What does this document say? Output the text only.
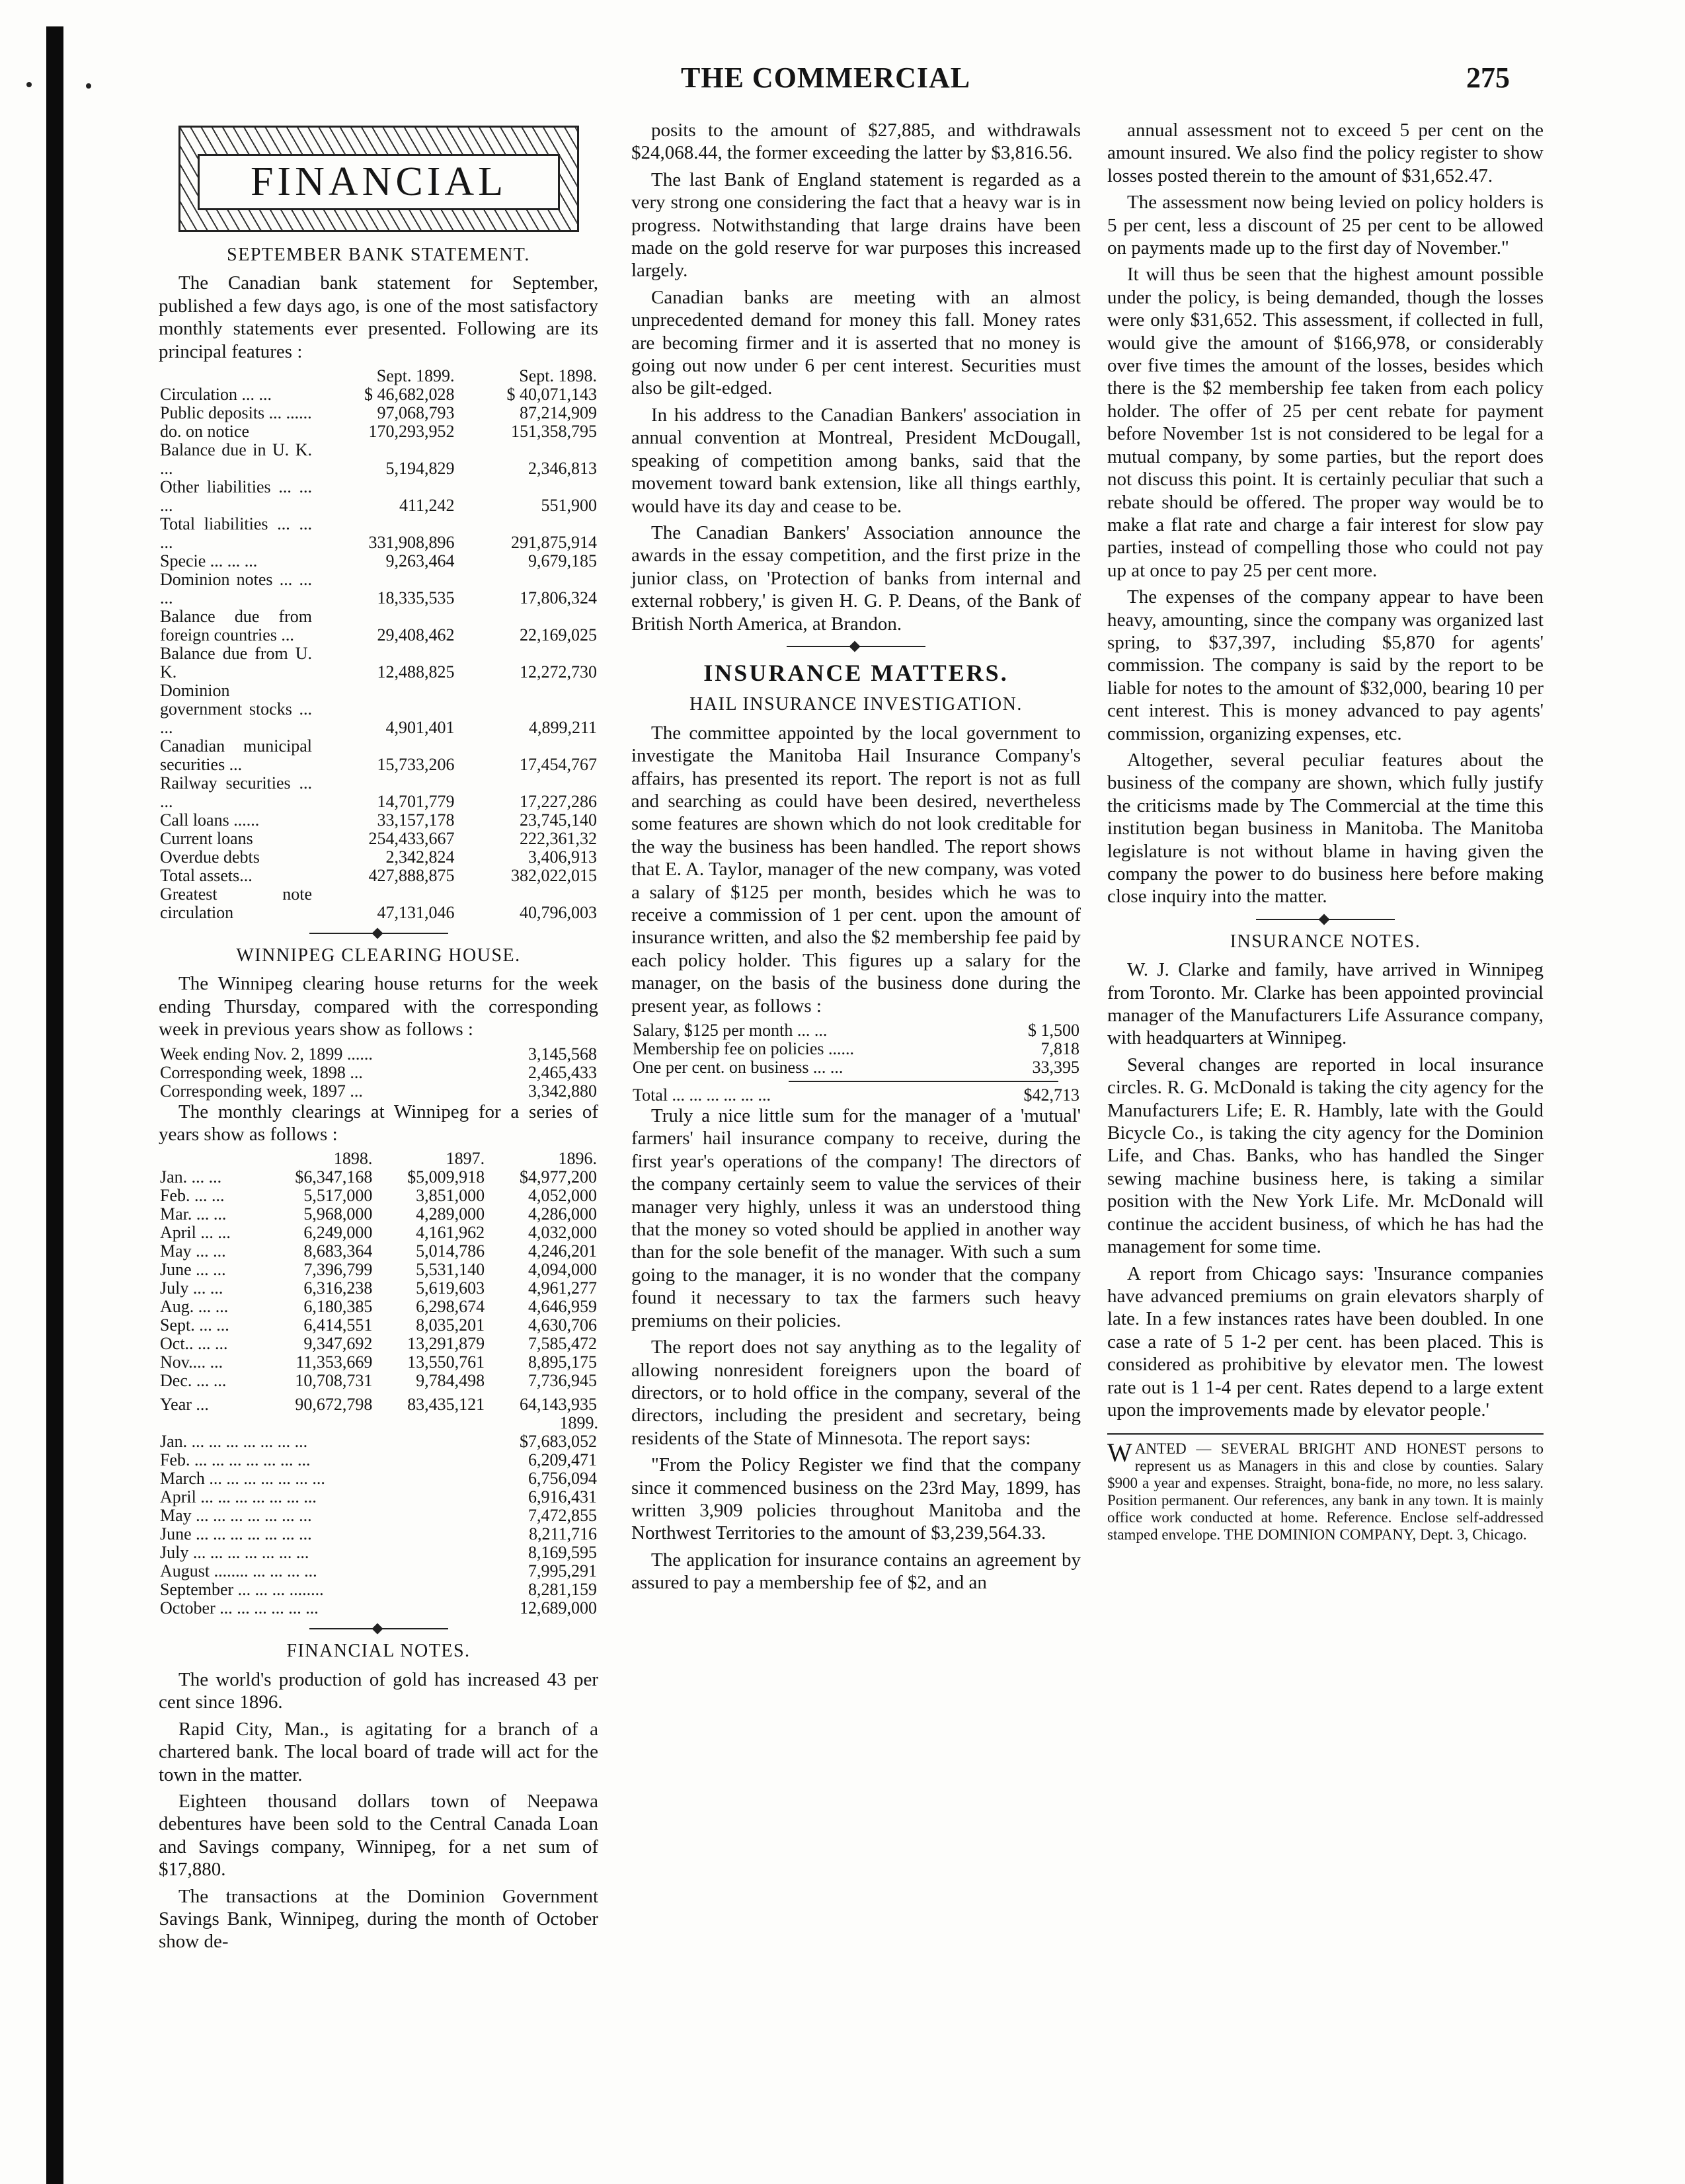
THE COMMERCIAL	275
FINANCIAL
SEPTEMBER BANK STATEMENT.

The Canadian bank statement for September, published a few days ago, is one of the most satisfactory monthly statements ever presented. Following are its principal features :

	Sept. 1899.	Sept. 1898.
Circulation ... ...	$ 46,682,028	$ 40,071,143
Public deposits ... ......	97,068,793	87,214,909
do. on notice	170,293,952	151,358,795
Balance due in U. K. ...	5,194,829	2,346,813
Other liabilities ... ... ...	411,242	551,900
Total liabilities ... ... ...	331,908,896	291,875,914
Specie ... ... ...	9,263,464	9,679,185
Dominion notes ... ... ...	18,335,535	17,806,324
Balance due from foreign countries ...	29,408,462	22,169,025
Balance due from U. K.	12,488,825	12,272,730
Dominion government stocks ... ...	4,901,401	4,899,211
Canadian municipal securities ...	15,733,206	17,454,767
Railway securities ... ...	14,701,779	17,227,286
Call loans ......	33,157,178	23,745,140
Current loans	254,433,667	222,361,32
Overdue debts	2,342,824	3,406,913
Total assets...	427,888,875	382,022,015
Greatest note circulation	47,131,046	40,796,003
WINNIPEG CLEARING HOUSE.

The Winnipeg clearing house returns for the week ending Thursday, compared with the corresponding week in previous years show as follows :

Week ending Nov. 2, 1899 ......	3,145,568
Corresponding week, 1898 ...	2,465,433
Corresponding week, 1897 ...	3,342,880

The monthly clearings at Winnipeg for a series of years show as follows :

	1898.	1897.	1896.
Jan. ... ...	$6,347,168	$5,009,918	$4,977,200
Feb. ... ...	5,517,000	3,851,000	4,052,000
Mar. ... ...	5,968,000	4,289,000	4,286,000
April ... ...	6,249,000	4,161,962	4,032,000
May ... ...	8,683,364	5,014,786	4,246,201
June ... ...	7,396,799	5,531,140	4,094,000
July ... ...	6,316,238	5,619,603	4,961,277
Aug. ... ...	6,180,385	6,298,674	4,646,959
Sept. ... ...	6,414,551	8,035,201	4,630,706
Oct.. ... ...	9,347,692	13,291,879	7,585,472
Nov.... ...	11,353,669	13,550,761	8,895,175
Dec. ... ...	10,708,731	9,784,498	7,736,945
Year ...	90,672,798	83,435,121	64,143,935
1899.
Jan. ... ... ... ... ... ... ...	$7,683,052
Feb. ... ... ... ... ... ... ...	6,209,471
March ... ... ... ... ... ... ...	6,756,094
April ... ... ... ... ... ... ...	6,916,431
May ... ... ... ... ... ... ...	7,472,855
June ... ... ... ... ... ... ...	8,211,716
July ... ... ... ... ... ... ...	8,169,595
August ........ ... ... ... ...	7,995,291
September ... ... ... ........	8,281,159
October ... ... ... ... ... ...	12,689,000
FINANCIAL NOTES.

The world's production of gold has increased 43 per cent since 1896.

Rapid City, Man., is agitating for a branch of a chartered bank. The local board of trade will act for the town in the matter.

Eighteen thousand dollars town of Neepawa debentures have been sold to the Central Canada Loan and Savings company, Winnipeg, for a net sum of $17,880.

The transactions at the Dominion Government Savings Bank, Winnipeg, during the month of October show de-

posits to the amount of $27,885, and withdrawals $24,068.44, the former exceeding the latter by $3,816.56.

The last Bank of England statement is regarded as a very strong one considering the fact that a heavy war is in progress. Notwithstanding that large drains have been made on the gold reserve for war purposes this increased largely.

Canadian banks are meeting with an almost unprecedented demand for money this fall. Money rates are becoming firmer and it is asserted that no money is going out now under 6 per cent interest. Securities must also be gilt-edged.

In his address to the Canadian Bankers' association in annual convention at Montreal, President McDougall, speaking of competition among banks, said that the movement toward bank extension, like all things earthly, would have its day and cease to be.

The Canadian Bankers' Association announce the awards in the essay competition, and the first prize in the junior class, on 'Protection of banks from internal and external robbery,' is given H. G. P. Deans, of the Bank of British North America, at Brandon.

INSURANCE MATTERS.
HAIL INSURANCE INVESTIGATION.

The committee appointed by the local government to investigate the Manitoba Hail Insurance Company's affairs, has presented its report. The report is not as full and searching as could have been desired, nevertheless some features are shown which do not look creditable for the way the business has been handled. The report shows that E. A. Taylor, manager of the new company, was voted a salary of $125 per month, besides which he was to receive a commission of 1 per cent. upon the amount of insurance written, and also the $2 membership fee paid by each policy holder. This figures up a salary for the manager, on the basis of the business done during the present year, as follows :

Salary, $125 per month ... ...	$ 1,500
Membership fee on policies ......	7,818
One per cent. on business ... ...	33,395
Total ... ... ... ... ... ...	$42,713

Truly a nice little sum for the manager of a 'mutual' farmers' hail insurance company to receive, during the first year's operations of the company! The directors of the company certainly seem to value the services of their manager very highly, unless it was an understood thing that the money so voted should be applied in another way than for the sole benefit of the manager. With such a sum going to the manager, it is no wonder that the company found it necessary to tax the farmers such heavy premiums on their policies.

The report does not say anything as to the legality of allowing nonresident foreigners upon the board of directors, or to hold office in the company, several of the directors, including the president and secretary, being residents of the State of Minnesota. The report says:

"From the Policy Register we find that the company since it commenced business on the 23rd May, 1899, has written 3,909 policies throughout Manitoba and the Northwest Territories to the amount of $3,239,564.33.

The application for insurance contains an agreement by assured to pay a membership fee of $2, and an

annual assessment not to exceed 5 per cent on the amount insured. We also find the policy register to show losses posted therein to the amount of $31,652.47.

The assessment now being levied on policy holders is 5 per cent, less a discount of 25 per cent to be allowed on payments made up to the first day of November."

It will thus be seen that the highest amount possible under the policy, is being demanded, though the losses were only $31,652. This assessment, if collected in full, would give the amount of $166,978, or considerably over five times the amount of the losses, besides which there is the $2 membership fee taken from each policy holder. The offer of 25 per cent rebate for payment before November 1st is not considered to be legal for a mutual company, by some parties, but the report does not discuss this point. It is certainly peculiar that such a rebate should be offered. The proper way would be to make a flat rate and charge a fair interest for slow pay parties, instead of compelling those who could not pay up at once to pay 25 per cent more.

The expenses of the company appear to have been heavy, amounting, since the company was organized last spring, to $37,397, including $5,870 for agents' commission. The company is said by the report to be liable for notes to the amount of $32,000, bearing 10 per cent interest. This is money advanced to pay agents' commission, organizing expenses, etc.

Altogether, several peculiar features about the business of the company are shown, which fully justify the criticisms made by The Commercial at the time this institution began business in Manitoba. The Manitoba legislature is not without blame in having given the company the power to do business here before making close inquiry into the matter.

INSURANCE NOTES.

W. J. Clarke and family, have arrived in Winnipeg from Toronto. Mr. Clarke has been appointed provincial manager of the Manufacturers Life Assurance company, with headquarters at Winnipeg.

Several changes are reported in local insurance circles. R. G. McDonald is taking the city agency for the Manufacturers Life; E. R. Hambly, late with the Gould Bicycle Co., is taking the city agency for the Dominion Life, and Chas. Banks, who has handled the Singer sewing machine business here, is taking a similar position with the New York Life. Mr. McDonald will continue the accident business, of which he has had the management for some time.

A report from Chicago says: 'Insurance companies have advanced premiums on grain elevators sharply of late. In a few instances rates have been doubled. In one case a rate of 5 1-2 per cent. has been placed. This is considered as prohibitive by elevator men. The lowest rate out is 1 1-4 per cent. Rates depend to a large extent upon the improvements made by elevator people.'

WANTED — SEVERAL BRIGHT AND HONEST persons to represent us as Managers in this and close by counties. Salary $900 a year and expenses. Straight, bona-fide, no more, no less salary. Position permanent. Our references, any bank in any town. It is mainly office work conducted at home. Reference. Enclose self-addressed stamped envelope. THE DOMINION COMPANY, Dept. 3, Chicago.
